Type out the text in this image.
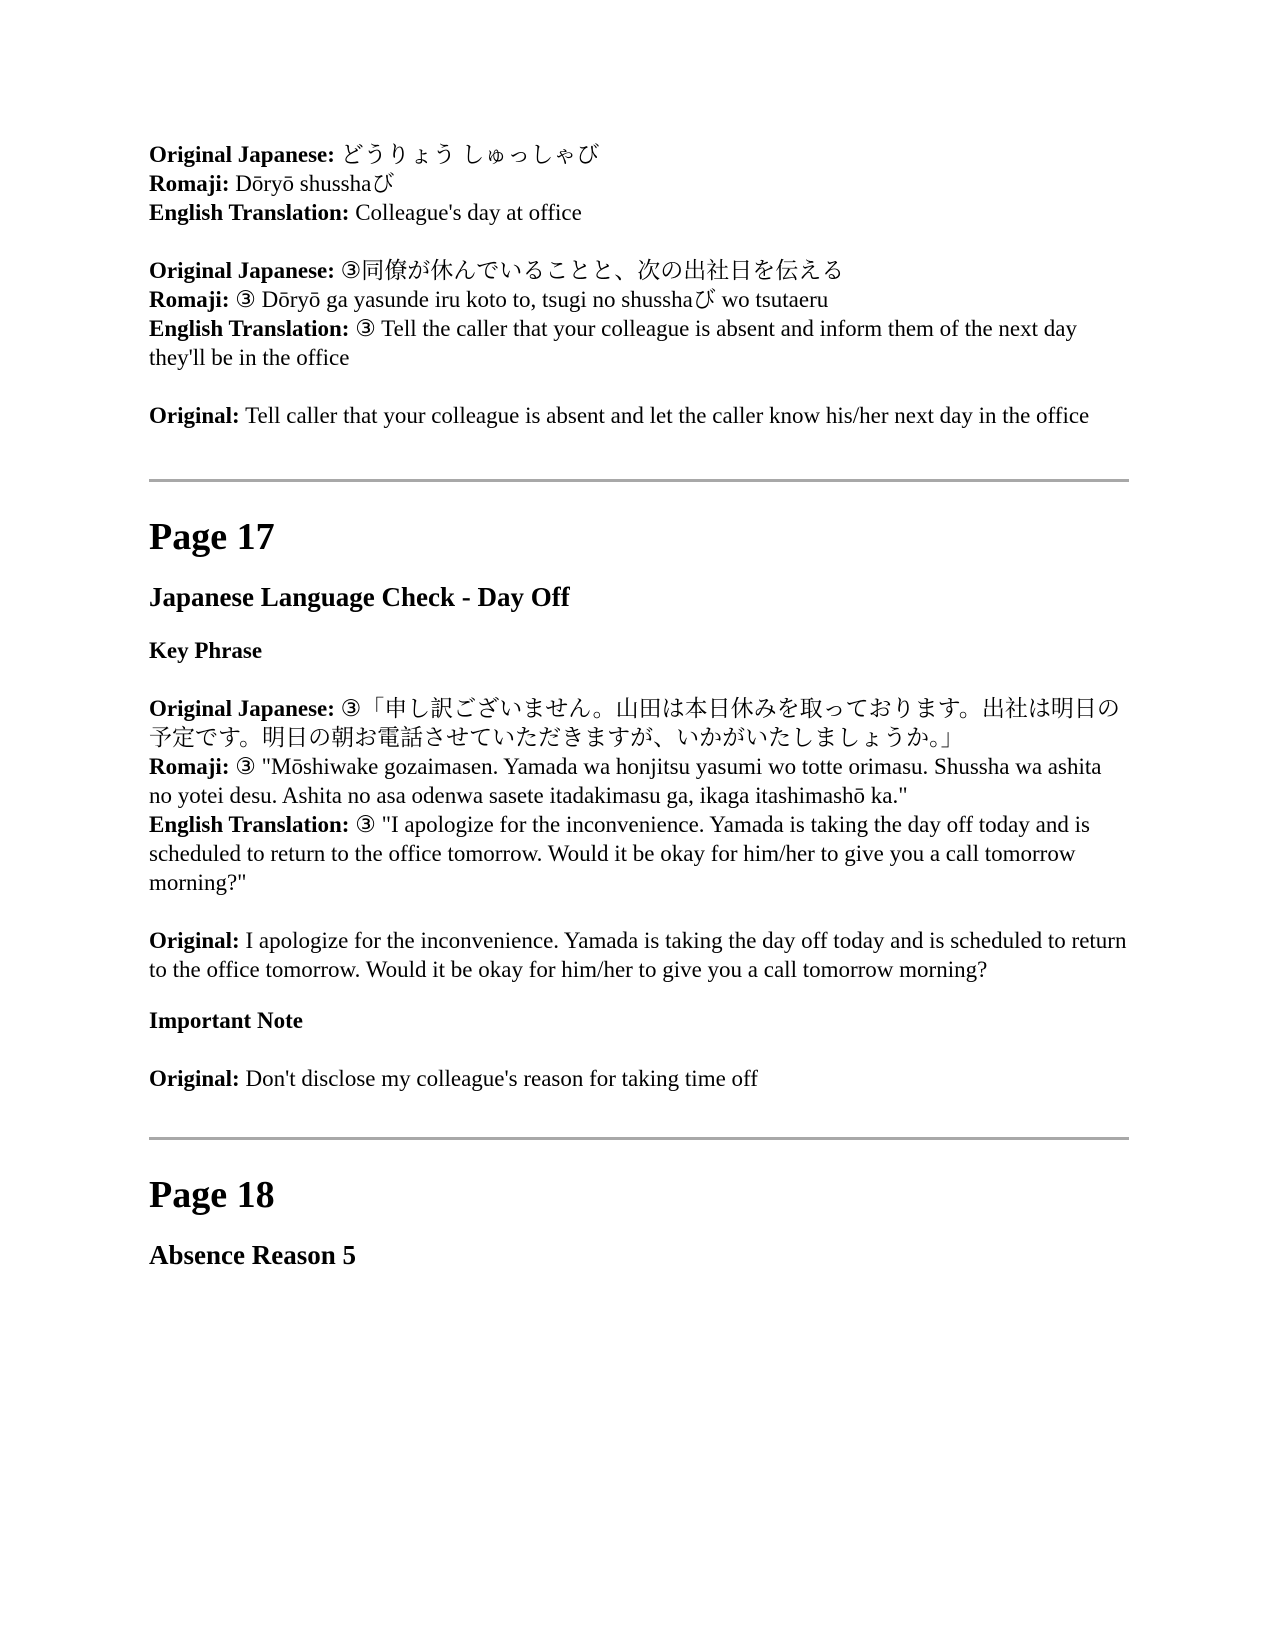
Original Japanese: どうりょう しゅっしゃび

Romaji: Dōryō shusshaび

English Translation: Colleague's day at office

Original Japanese: ③同僚が休んでいることと、次の出社日を伝える

Romaji: ③ Dōryō ga yasunde iru koto to, tsugi no shusshaび wo tsutaeru

English Translation: ③ Tell the caller that your colleague is absent and inform them of the next day they'll be in the office

Original: Tell caller that your colleague is absent and let the caller know his/her next day in the office

Page 17
Japanese Language Check - Day Off
Key Phrase

Original Japanese: ③「申し訳ございません。山田は本日休みを取っております。出社は明日の予定です。明日の朝お電話させていただきますが、いかがいたしましょうか。」

Romaji: ③ "Mōshiwake gozaimasen. Yamada wa honjitsu yasumi wo totte orimasu. Shussha wa ashita no yotei desu. Ashita no asa odenwa sasete itadakimasu ga, ikaga itashimashō ka."

English Translation: ③ "I apologize for the inconvenience. Yamada is taking the day off today and is scheduled to return to the office tomorrow. Would it be okay for him/her to give you a call tomorrow morning?"

Original: I apologize for the inconvenience. Yamada is taking the day off today and is scheduled to return to the office tomorrow. Would it be okay for him/her to give you a call tomorrow morning?

Important Note

Original: Don't disclose my colleague's reason for taking time off

Page 18
Absence Reason 5
